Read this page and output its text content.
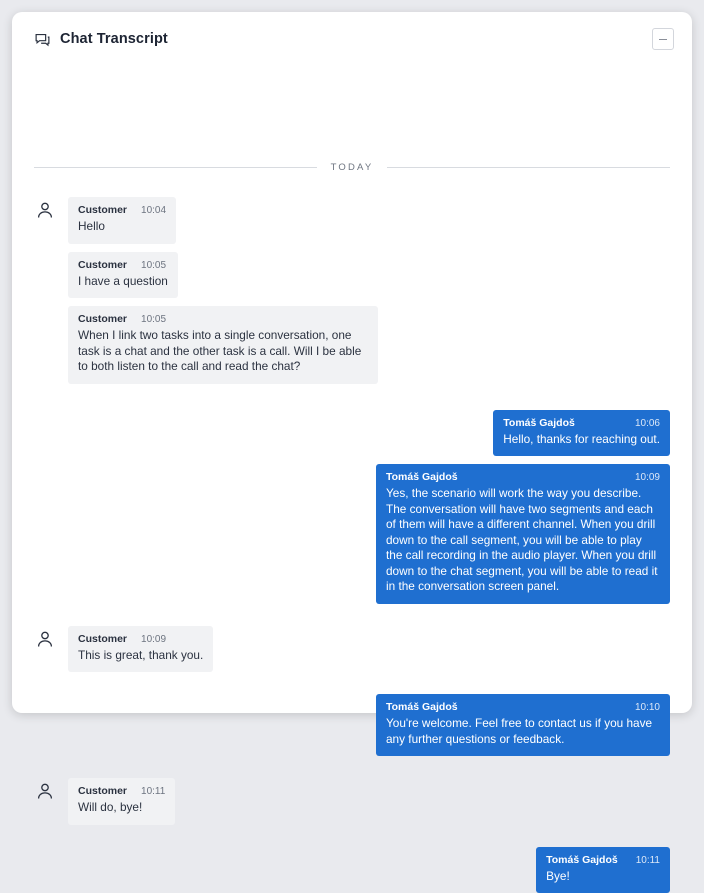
Chat Transcript
TODAY
Customer 10:04
Hello
Customer 10:05
I have a question
Customer 10:05
When I link two tasks into a single conversation, one task is a chat and the other task is a call. Will I be able to both listen to the call and read the chat?
Tomáš Gajdoš	10:06
Hello, thanks for reaching out.
Tomáš Gajdoš	10:09
Yes, the scenario will work the way you describe. The conversation will have two segments and each of them will have a different channel. When you drill down to the call segment, you will be able to play the call recording in the audio player. When you drill down to the chat segment, you will be able to read it in the conversation screen panel.
Customer 10:09
This is great, thank you.
Tomáš Gajdoš	10:10
You're welcome. Feel free to contact us if you have any further questions or feedback.
Customer 10:11
Will do, bye!
Tomáš Gajdoš 10:11
Bye!
